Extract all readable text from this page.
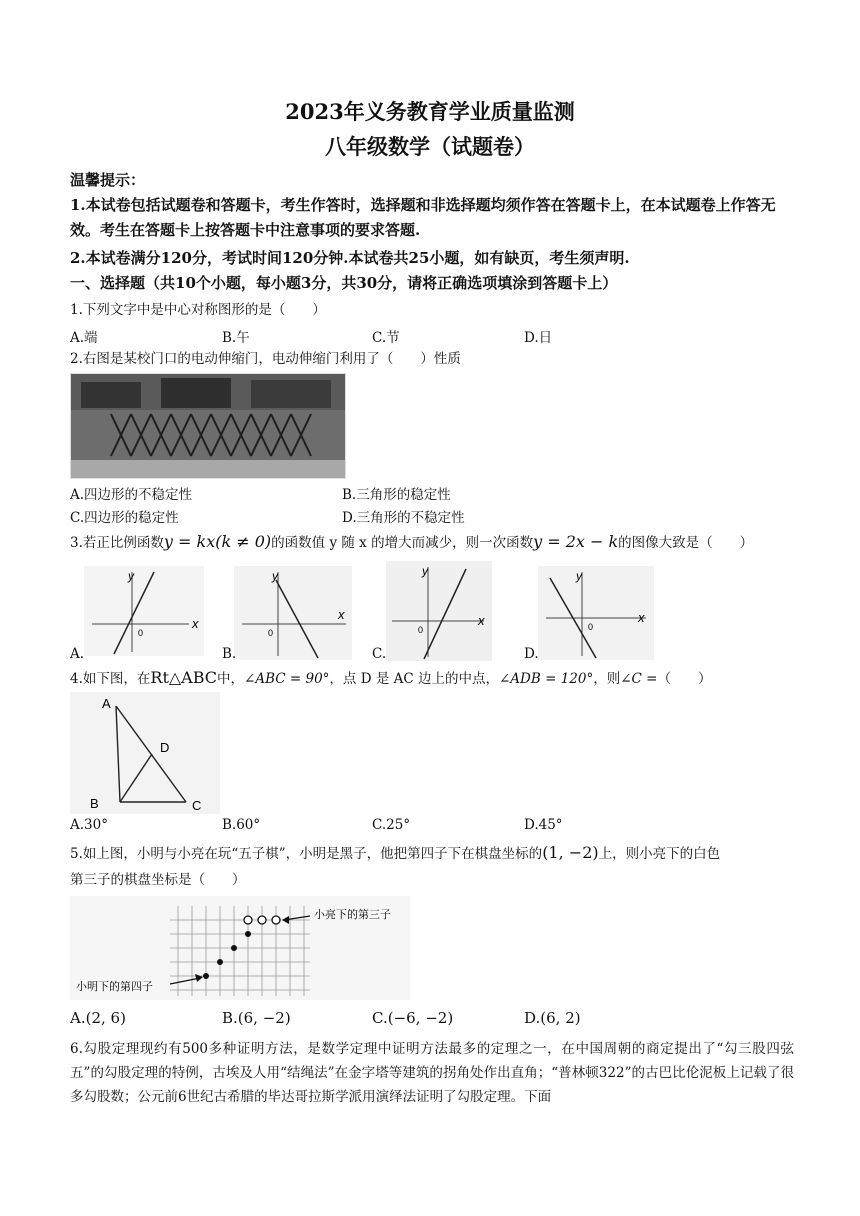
2023年义务教育学业质量监测
八年级数学（试题卷）
温馨提示：
1.本试卷包括试题卷和答题卡，考生作答时，选择题和非选择题均须作答在答题卡上，在本试题卷上作答无效。考生在答题卡上按答题卡中注意事项的要求答题.
2.本试卷满分120分，考试时间120分钟.本试卷共25小题，如有缺页，考生须声明.
一、选择题（共10个小题，每小题3分，共30分，请将正确选项填涂到答题卡上）
1.下列文字中是中心对称图形的是（　　）
A.端	B.午	C.节	D.日
2.右图是某校门口的电动伸缩门，电动伸缩门利用了（　　）性质
A.四边形的不稳定性	B.三角形的稳定性
C.四边形的稳定性	D.三角形的不稳定性
3.若正比例函数y = kx(k ≠ 0)的函数值 y 随 x 的增大而减少，则一次函数y = 2x − k的图像大致是（　　）
x
y
0
x
y
0
x
y
0
x
y
0
A.	B.	C.	D.
4.如下图，在Rt△ABC中，∠ABC = 90°，点 D 是 AC 边上的中点，∠ADB = 120°，则∠C =（　　）
A
B	C
D
A.30°	B.60°	C.25°	D.45°
5.如上图，小明与小亮在玩“五子棋”，小明是黑子，他把第四子下在棋盘坐标的(1, −2)上，则小亮下的白色
第三子的棋盘坐标是（　　）
小亮下的第三子
小明下的第四子
A.(2, 6)	B.(6, −2)	C.(−6, −2)	D.(6, 2)
6.勾股定理现约有500多种证明方法，是数学定理中证明方法最多的定理之一，在中国周朝的商定提出了“勾三股四弦五”的勾股定理的特例，古埃及人用“结绳法”在金字塔等建筑的拐角处作出直角；“普林顿322”的古巴比伦泥板上记载了很多勾股数；公元前6世纪古希腊的毕达哥拉斯学派用演绎法证明了勾股定理。下面
